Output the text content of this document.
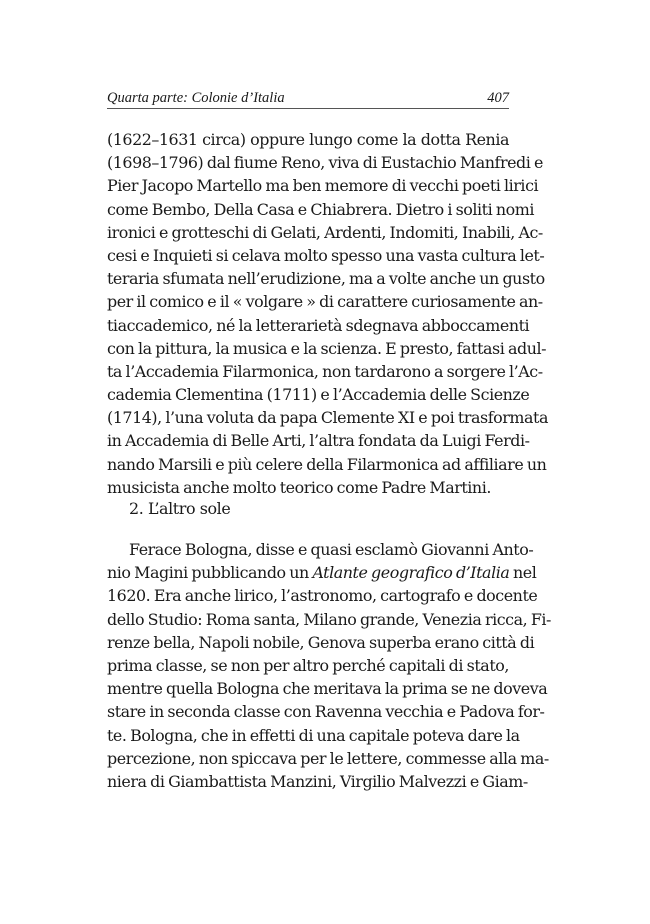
Quarta parte: Colonie d’Italia	407
(1622–1631 circa) oppure lungo come la dotta Renia
(1698–1796) dal fiume Reno, viva di Eustachio Manfredi e
Pier Jacopo Martello ma ben memore di vecchi poeti lirici
come Bembo, Della Casa e Chiabrera. Dietro i soliti nomi
ironici e grotteschi di Gelati, Ardenti, Indomiti, Inabili, Ac-
cesi e Inquieti si celava molto spesso una vasta cultura let-
teraria sfumata nell’erudizione, ma a volte anche un gusto
per il comico e il « volgare » di carattere curiosamente an-
tiaccademico, né la letterarietà sdegnava abboccamenti
con la pittura, la musica e la scienza. E presto, fattasi adul-
ta l’Accademia Filarmonica, non tardarono a sorgere l’Ac-
cademia Clementina (1711) e l’Accademia delle Scienze
(1714), l’una voluta da papa Clemente XI e poi trasformata
in Accademia di Belle Arti, l’altra fondata da Luigi Ferdi-
nando Marsili e più celere della Filarmonica ad affiliare un
musicista anche molto teorico come Padre Martini.
2. L’altro sole
Ferace Bologna, disse e quasi esclamò Giovanni Anto-
nio Magini pubblicando un Atlante geografico d’Italia nel
1620. Era anche lirico, l’astronomo, cartografo e docente
dello Studio: Roma santa, Milano grande, Venezia ricca, Fi-
renze bella, Napoli nobile, Genova superba erano città di
prima classe, se non per altro perché capitali di stato,
mentre quella Bologna che meritava la prima se ne doveva
stare in seconda classe con Ravenna vecchia e Padova for-
te. Bologna, che in effetti di una capitale poteva dare la
percezione, non spiccava per le lettere, commesse alla ma-
niera di Giambattista Manzini, Virgilio Malvezzi e Giam-
